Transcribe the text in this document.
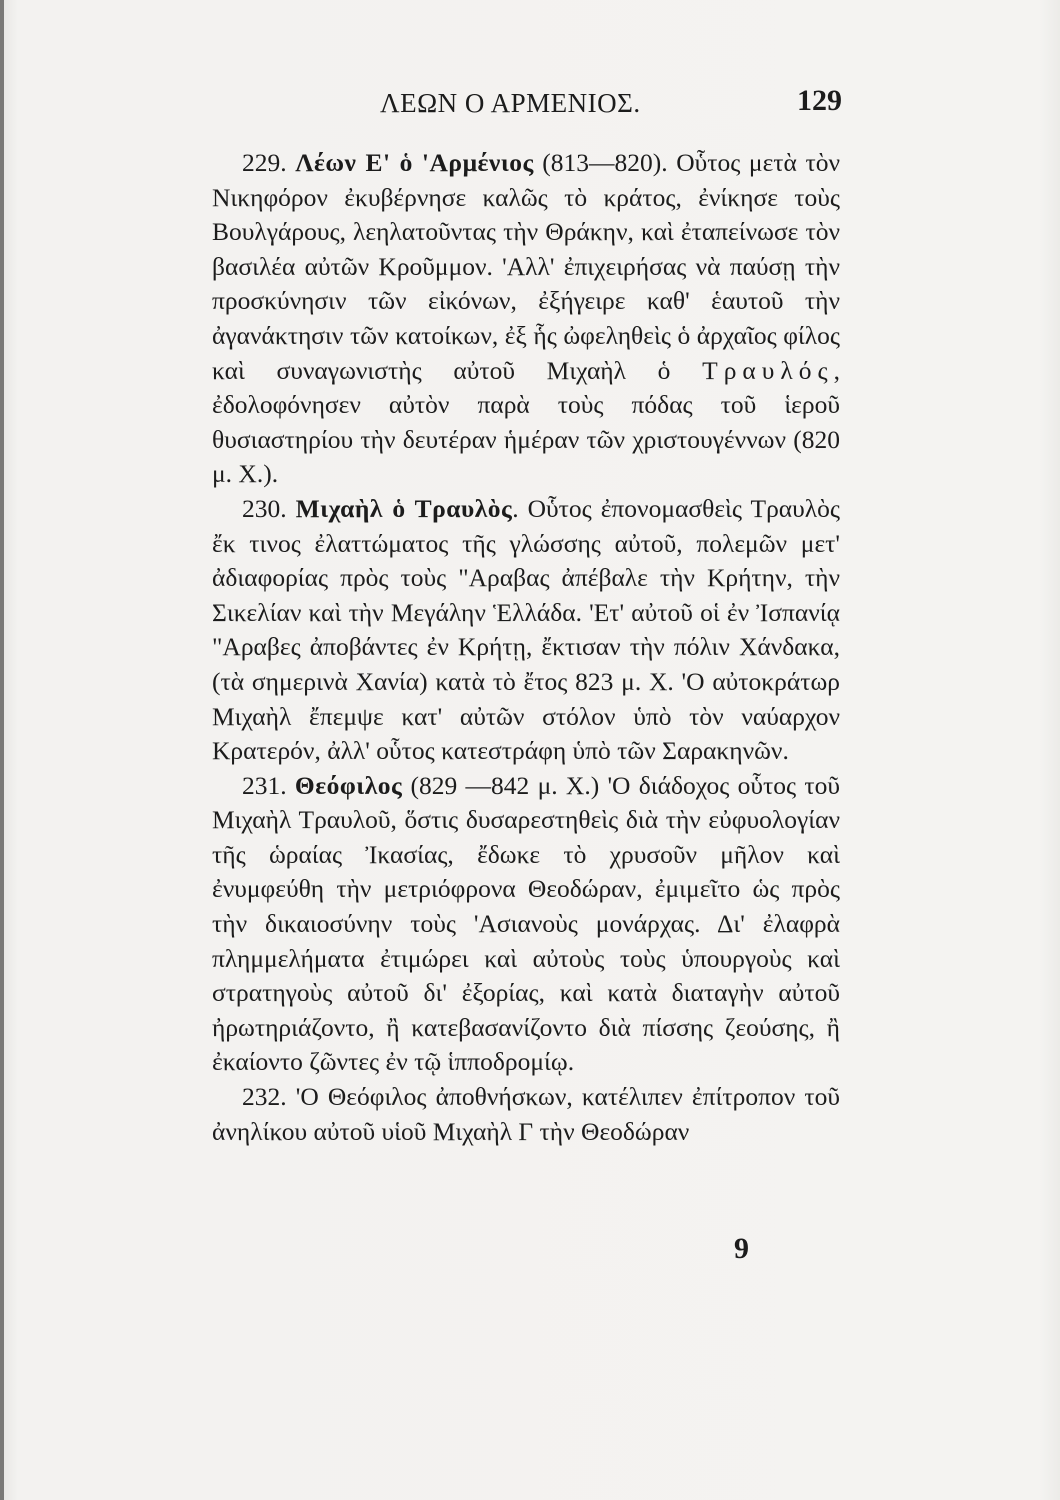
ΛΕΩΝ Ο ΑΡΜΕΝΙΟΣ.	129

229. Λέων Ε' ὁ 'Αρμένιος (813—820). Οὗτος μετὰ τὸν Νικηφόρον ἐκυβέρνησε καλῶς τὸ κράτος, ἐνίκησε τοὺς Βουλγάρους, λεηλατοῦντας τὴν Θράκην, καὶ ἐταπείνωσε τὸν βασιλέα αὐτῶν Κροῦμμον. 'Αλλ' ἐπιχειρήσας νὰ παύσῃ τὴν προσκύνησιν τῶν εἰκόνων, ἐξήγειρε καθ' ἑαυτοῦ τὴν ἀγανάκτησιν τῶν κατοίκων, ἐξ ἧς ὠφεληθεὶς ὁ ἀρχαῖος φίλος καὶ συναγωνιστὴς αὐτοῦ Μιχαὴλ ὁ Τραυλός, ἐδολοφόνησεν αὐτὸν παρὰ τοὺς πόδας τοῦ ἱεροῦ θυσιαστηρίου τὴν δευτέραν ἡμέραν τῶν χριστουγέννων (820 μ. Χ.).

230. Μιχαὴλ ὁ Τραυλὸς. Οὗτος ἐπονομασθεὶς Τραυλὸς ἔκ τινος ἐλαττώματος τῆς γλώσσης αὐτοῦ, πολεμῶν μετ' ἀδιαφορίας πρὸς τοὺς "Αραβας ἀπέβαλε τὴν Κρήτην, τὴν Σικελίαν καὶ τὴν Μεγάλην Ἑλλάδα. 'Ετ' αὐτοῦ οἱ ἐν Ἰσπανίᾳ "Αραβες ἀποβάντες ἐν Κρήτῃ, ἔκτισαν τὴν πόλιν Χάνδακα, (τὰ σημερινὰ Χανία) κατὰ τὸ ἔτος 823 μ. Χ. 'Ο αὐτοκράτωρ Μιχαὴλ ἔπεμψε κατ' αὐτῶν στόλον ὑπὸ τὸν ναύαρχον Κρατερόν, ἀλλ' οὗτος κατεστράφη ὑπὸ τῶν Σαρακηνῶν.

231. Θεόφιλος (829 —842 μ. Χ.) 'Ο διάδοχος οὗτος τοῦ Μιχαὴλ Τραυλοῦ, ὅστις δυσαρεστηθεὶς διὰ τὴν εὐφυολογίαν τῆς ὡραίας Ἰκασίας, ἔδωκε τὸ χρυσοῦν μῆλον καὶ ἐνυμφεύθη τὴν μετριόφρονα Θεοδώραν, ἐμιμεῖτο ὡς πρὸς τὴν δικαιοσύνην τοὺς 'Ασιανοὺς μονάρχας. Δι' ἐλαφρὰ πλημμελήματα ἐτιμώρει καὶ αὐτοὺς τοὺς ὑπουργοὺς καὶ στρατηγοὺς αὐτοῦ δι' ἐξορίας, καὶ κατὰ διαταγὴν αὐτοῦ ἠρωτηριάζοντο, ἢ κατεβασανίζοντο διὰ πίσσης ζεούσης, ἢ ἐκαίοντο ζῶντες ἐν τῷ ἱπποδρομίῳ.

232. 'Ο Θεόφιλος ἀποθνήσκων, κατέλιπεν ἐπίτροπον τοῦ ἀνηλίκου αὐτοῦ υἱοῦ Μιχαὴλ Γ τὴν Θεοδώραν

9
